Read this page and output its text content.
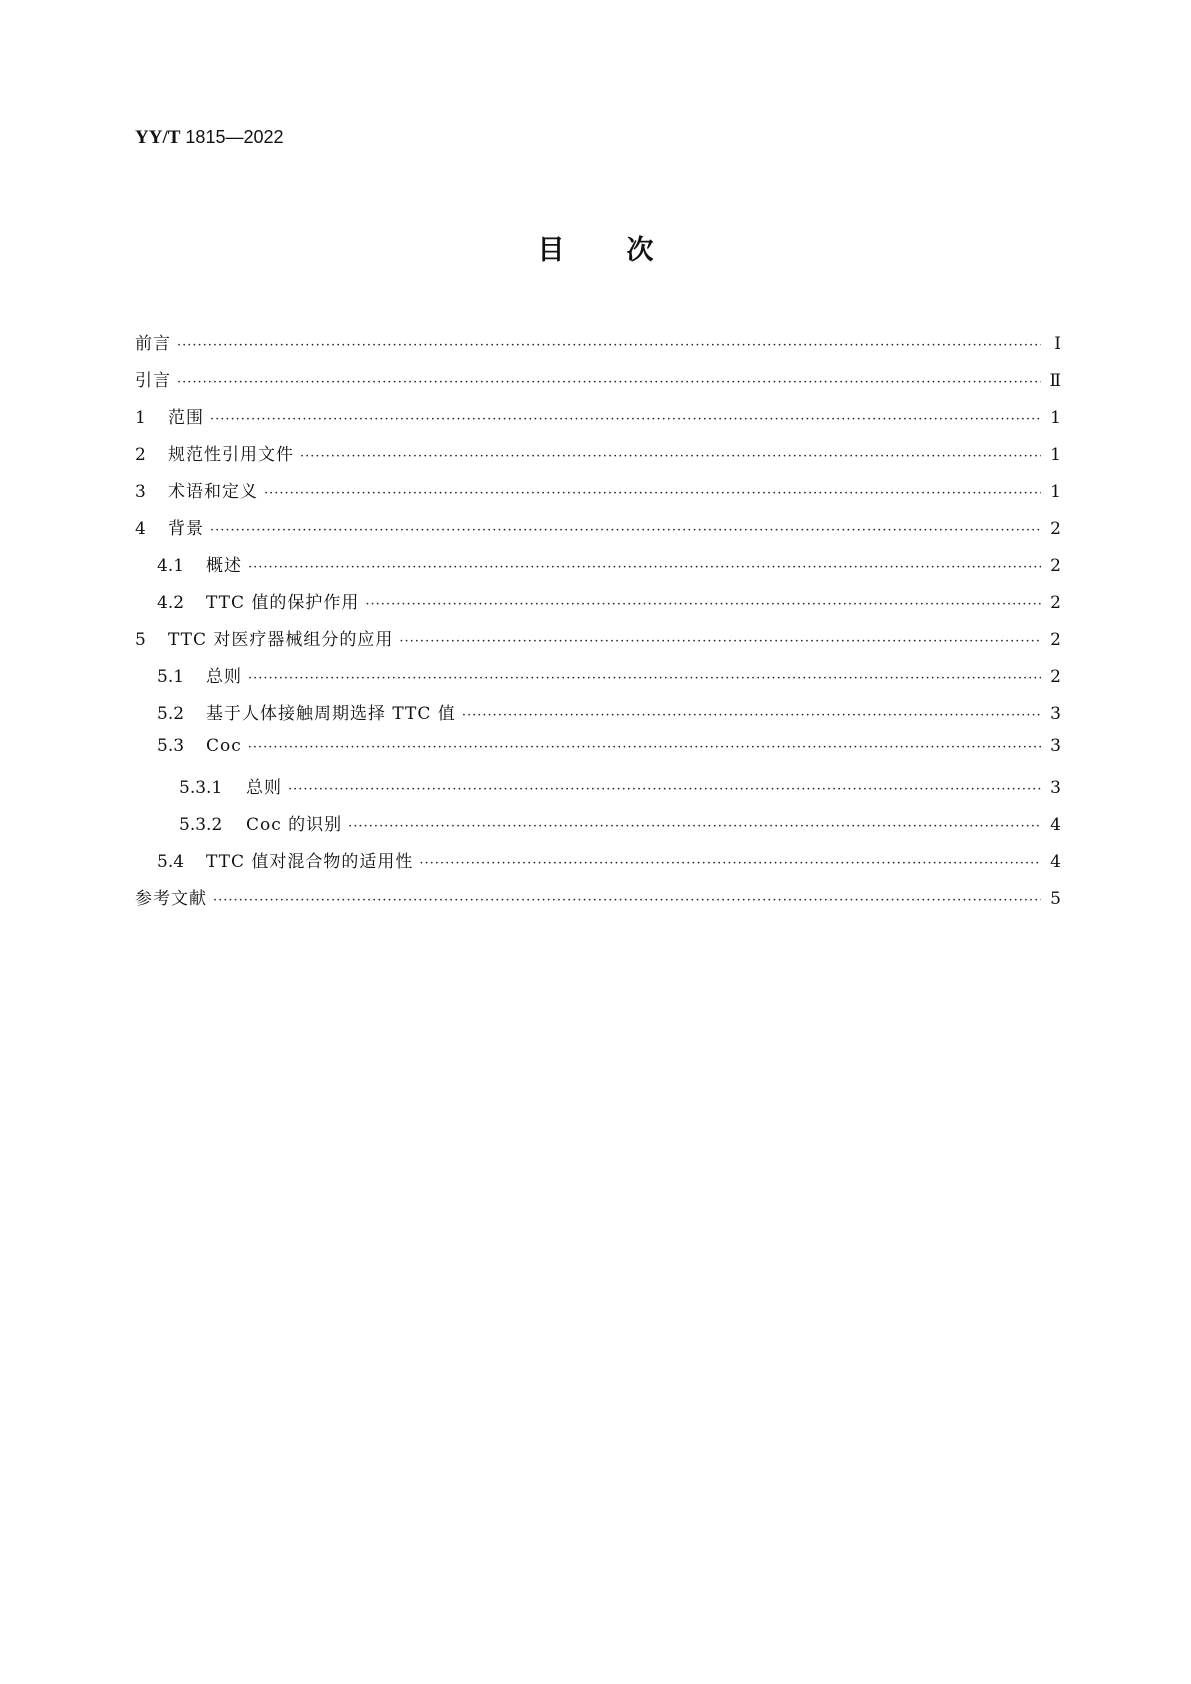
YY/T 1815—2022
目 次
前言 ·····	Ⅰ
引言 ·····	Ⅱ
1	范围 ·····	1
2	规范性引用文件 ·····	1
3	术语和定义 ·····	1
4	背景 ·····	2
4.1	概述 ·····	2
4.2	TTC 值的保护作用 ·····	2
5	TTC 对医疗器械组分的应用 ·····	2
5.1	总则 ·····	2
5.2	基于人体接触周期选择 TTC 值 ·····	3
5.3	Coc ·····	3
5.3.1	总则 ·····	3
5.3.2	Coc 的识别 ·····	4
5.4	TTC 值对混合物的适用性 ·····	4
参考文献 ·····	5
